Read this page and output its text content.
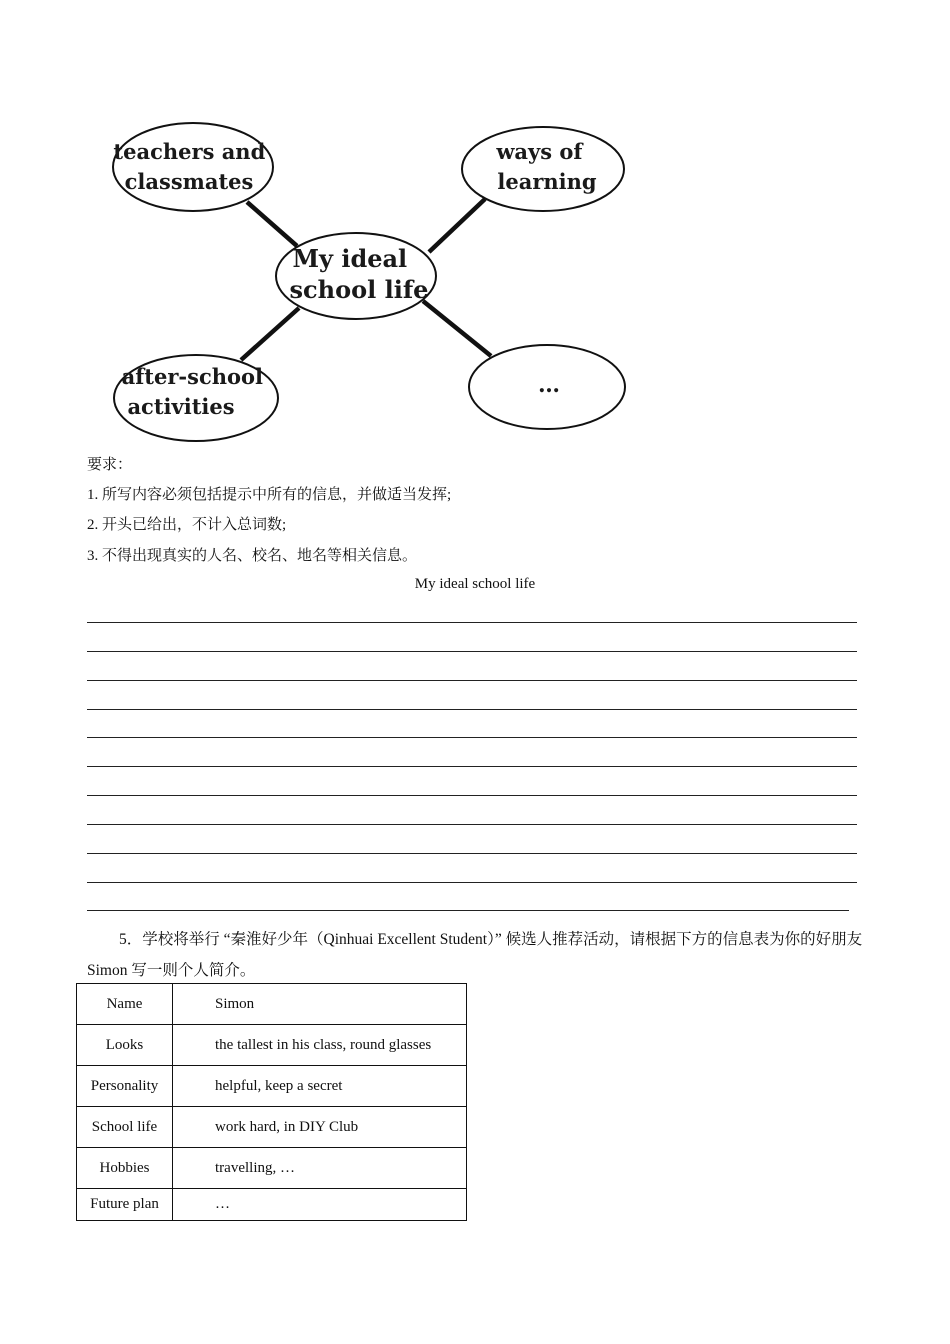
teachers and classmates
ways of learning
My ideal school life
after-school activities
…
要求：
1. 所写内容必须包括提示中所有的信息，并做适当发挥;
2. 开头已给出，不计入总词数;
3. 不得出现真实的人名、校名、地名等相关信息。
My ideal school life
5．学校将举行 “秦淮好少年（Qinhuai Excellent Student）” 候选人推荐活动，请根据下方的信息表为你的好朋友 Simon 写一则个人简介。
Name	Simon
Looks	the tallest in his class, round glasses
Personality	helpful, keep a secret
School life	work hard, in DIY Club
Hobbies	travelling, …
Future plan	…
